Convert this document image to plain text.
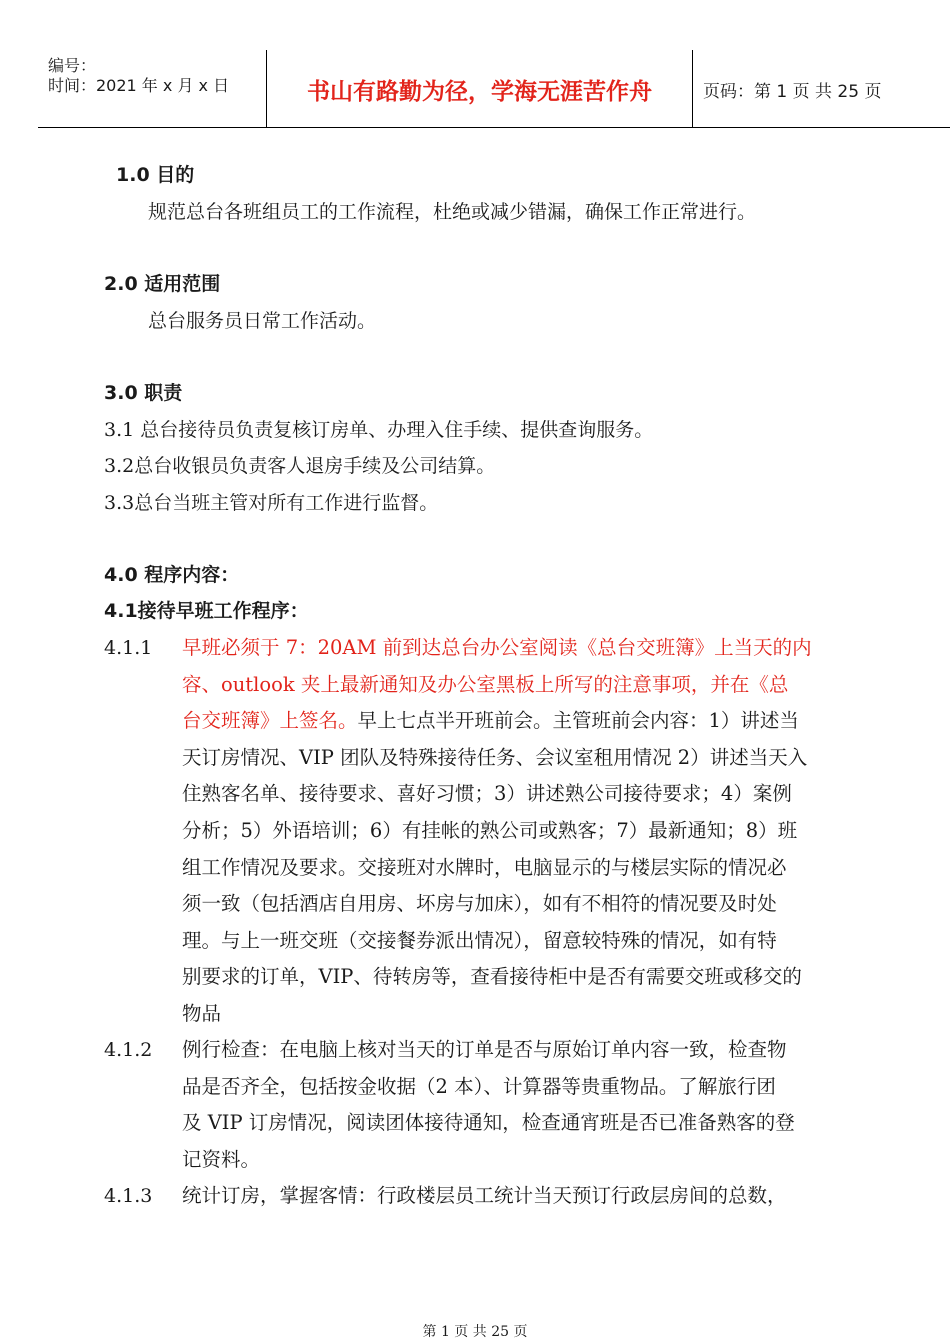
编号：
时间：2021 年 x 月 x 日	书山有路勤为径，学海无涯苦作舟	页码：第 1 页 共 25 页
1.0 目的
规范总台各班组员工的工作流程，杜绝或减少错漏，确保工作正常进行。
2.0 适用范围
总台服务员日常工作活动。
3.0 职责
3.1 总台接待员负责复核订房单、办理入住手续、提供查询服务。
3.2总台收银员负责客人退房手续及公司结算。
3.3总台当班主管对所有工作进行监督。
4.0 程序内容：
4.1接待早班工作程序：
4.1.1 早班必须于 7：20AM 前到达总台办公室阅读《总台交班簿》上当天的内
容、outlook 夹上最新通知及办公室黑板上所写的注意事项，并在《总
台交班簿》上签名。早上七点半开班前会。主管班前会内容：1）讲述当
天订房情况、VIP 团队及特殊接待任务、会议室租用情况 2）讲述当天入
住熟客名单、接待要求、喜好习惯；3）讲述熟公司接待要求；4）案例
分析；5）外语培训；6）有挂帐的熟公司或熟客；7）最新通知；8）班
组工作情况及要求。交接班对水牌时，电脑显示的与楼层实际的情况必
须一致（包括酒店自用房、坏房与加床），如有不相符的情况要及时处
理。与上一班交班（交接餐券派出情况），留意较特殊的情况，如有特
别要求的订单，VIP、待转房等，查看接待柜中是否有需要交班或移交的
物品
4.1.2 例行检查：在电脑上核对当天的订单是否与原始订单内容一致，检查物
品是否齐全，包括按金收据（2 本）、计算器等贵重物品。了解旅行团
及 VIP 订房情况，阅读团体接待通知，检查通宵班是否已准备熟客的登
记资料。
4.1.3 统计订房，掌握客情：行政楼层员工统计当天预订行政层房间的总数，
第 1 页 共 25 页
